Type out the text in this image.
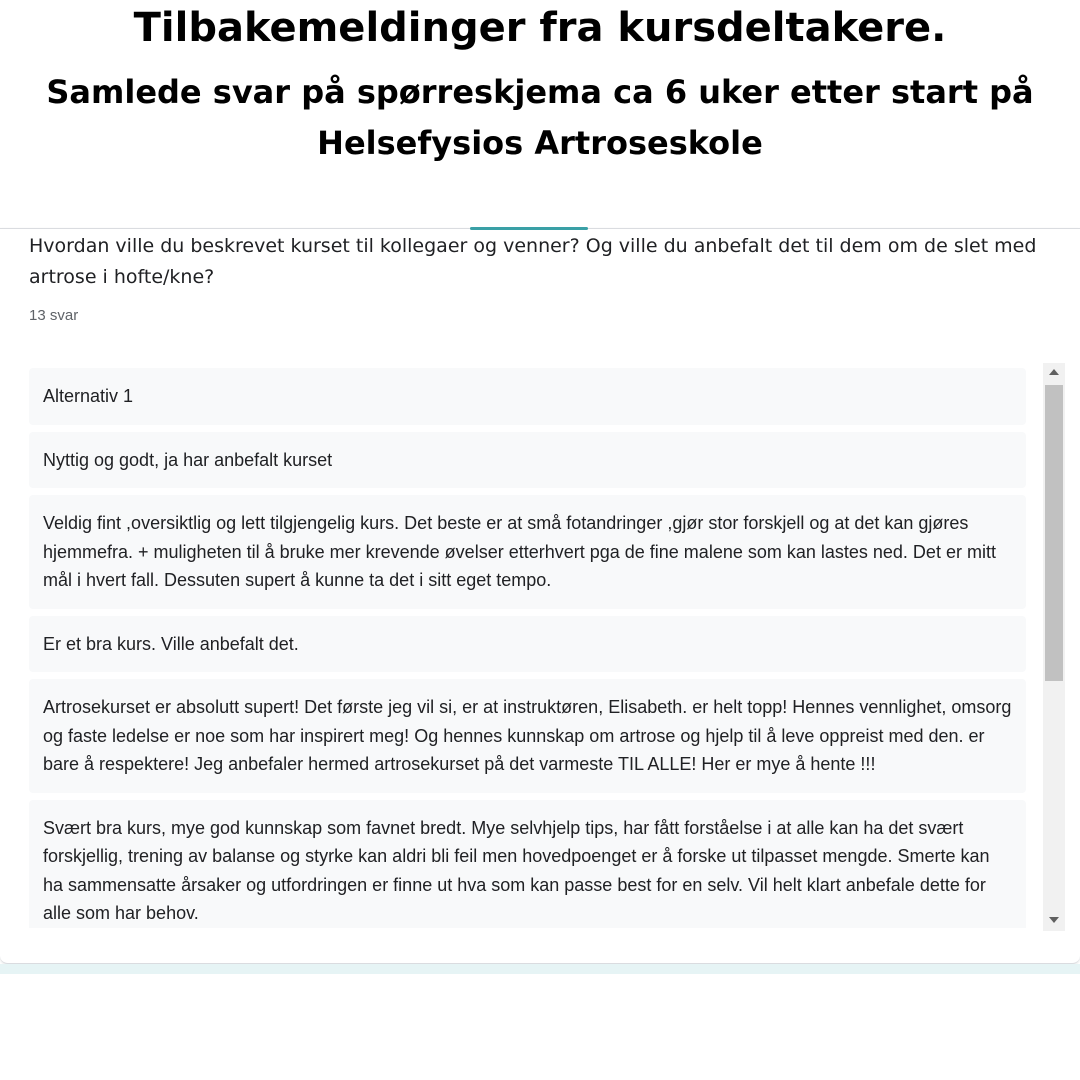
Tilbakemeldinger fra kursdeltakere.
Samlede svar på spørreskjema ca 6 uker etter start på
Helsefysios Artroseskole
Hvordan ville du beskrevet kurset til kollegaer og venner? Og ville du anbefalt det til dem om de slet med artrose i hofte/kne?
13 svar
Alternativ 1
Nyttig og godt, ja har anbefalt kurset
Veldig fint ,oversiktlig og lett tilgjengelig kurs. Det beste er at små fotandringer ,gjør stor forskjell og at det kan gjøres hjemmefra. + muligheten til å bruke mer krevende øvelser etterhvert pga de fine malene som kan lastes ned. Det er mitt mål i hvert fall. Dessuten supert å kunne ta det i sitt eget tempo.
Er et bra kurs. Ville anbefalt det.
Artrosekurset er absolutt supert! Det første jeg vil si, er at instruktøren, Elisabeth. er helt topp! Hennes vennlighet, omsorg og faste ledelse er noe som har inspirert meg! Og hennes kunnskap om artrose og hjelp til å leve oppreist med den. er bare å respektere! Jeg anbefaler hermed artrosekurset på det varmeste TIL ALLE! Her er mye å hente !!!
Svært bra kurs, mye god kunnskap som favnet bredt. Mye selvhjelp tips, har fått forståelse i at alle kan ha det svært forskjellig, trening av balanse og styrke kan aldri bli feil men hovedpoenget er å forske ut tilpasset mengde. Smerte kan ha sammensatte årsaker og utfordringen er finne ut hva som kan passe best for en selv. Vil helt klart anbefale dette for alle som har behov.
